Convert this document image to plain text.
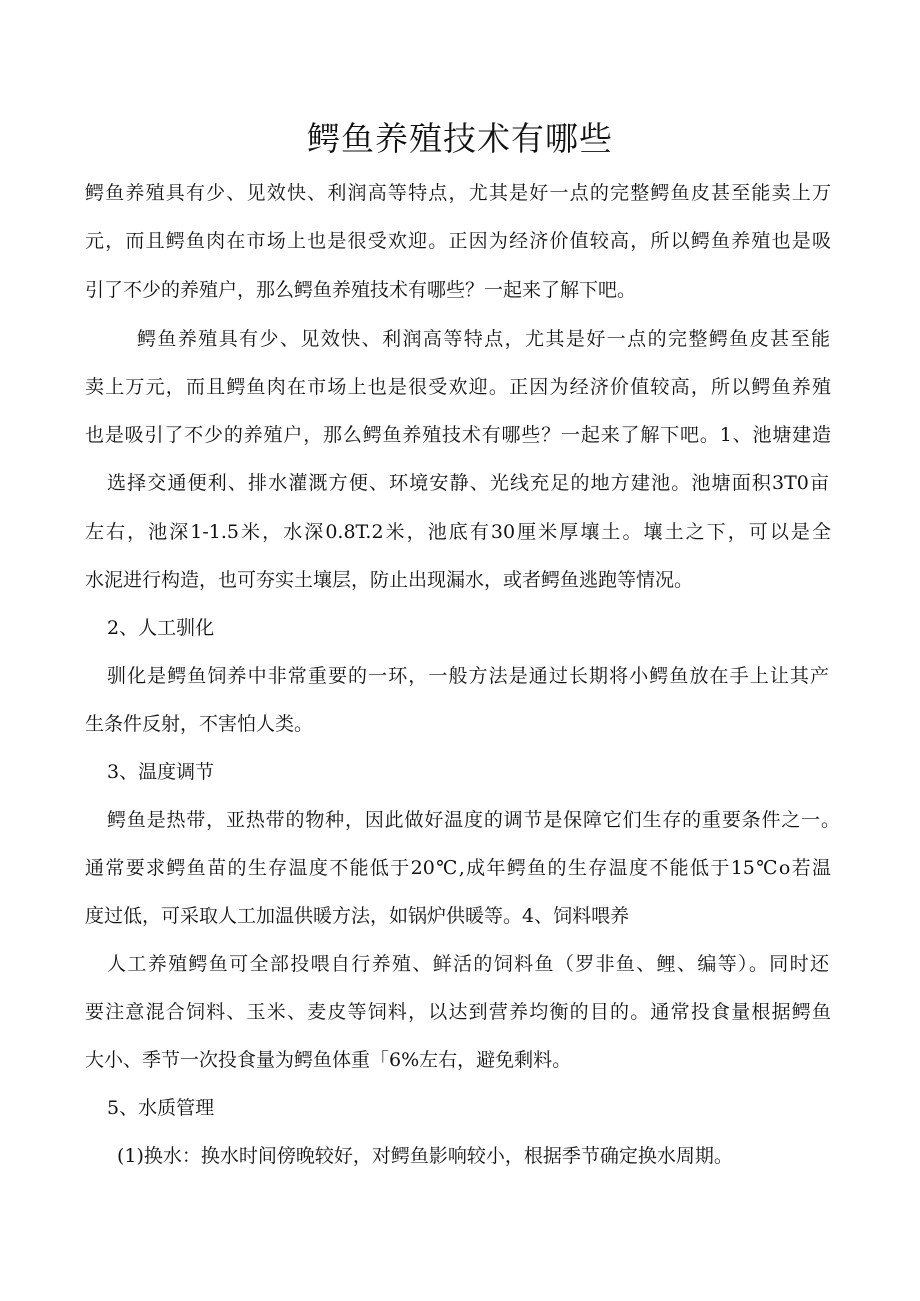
鳄鱼养殖技术有哪些
鳄鱼养殖具有少、见效快、利润高等特点，尤其是好一点的完整鳄鱼皮甚至能卖上万
元，而且鳄鱼肉在市场上也是很受欢迎。正因为经济价值较高，所以鳄鱼养殖也是吸
引了不少的养殖户，那么鳄鱼养殖技术有哪些？一起来了解下吧。
鳄鱼养殖具有少、见效快、利润高等特点，尤其是好一点的完整鳄鱼皮甚至能
卖上万元，而且鳄鱼肉在市场上也是很受欢迎。正因为经济价值较高，所以鳄鱼养殖
也是吸引了不少的养殖户，那么鳄鱼养殖技术有哪些？一起来了解下吧。1、池塘建造
选择交通便利、排水灌溉方便、环境安静、光线充足的地方建池。池塘面积3T0亩
左右，池深1-1.5米，水深0.8T.2米，池底有30厘米厚壤土。壤土之下，可以是全
水泥进行构造，也可夯实土壤层，防止出现漏水，或者鳄鱼逃跑等情况。
2、人工驯化
驯化是鳄鱼饲养中非常重要的一环，一般方法是通过长期将小鳄鱼放在手上让其产
生条件反射，不害怕人类。
3、温度调节
鳄鱼是热带，亚热带的物种，因此做好温度的调节是保障它们生存的重要条件之一。
通常要求鳄鱼苗的生存温度不能低于20℃,成年鳄鱼的生存温度不能低于15℃o若温
度过低，可采取人工加温供暖方法，如锅炉供暖等。4、饲料喂养
人工养殖鳄鱼可全部投喂自行养殖、鲜活的饲料鱼（罗非鱼、鲤、编等）。同时还
要注意混合饲料、玉米、麦皮等饲料，以达到营养均衡的目的。通常投食量根据鳄鱼
大小、季节一次投食量为鳄鱼体重「6%左右，避免剩料。
5、水质管理
(1)换水：换水时间傍晚较好，对鳄鱼影响较小，根据季节确定换水周期。
